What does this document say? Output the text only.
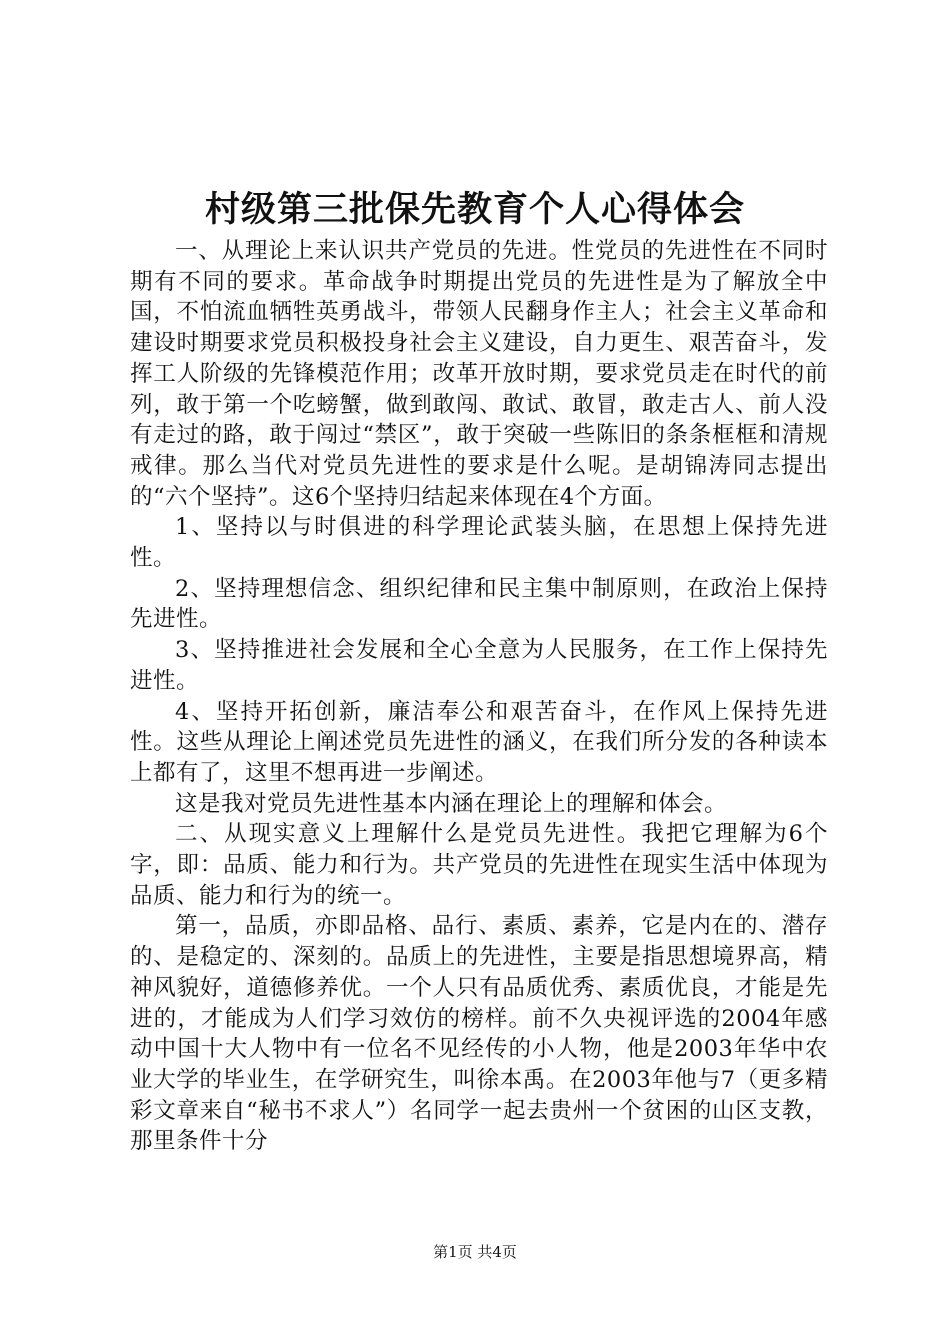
村级第三批保先教育个人心得体会

一、从理论上来认识共产党员的先进。性党员的先进性在不同时期有不同的要求。革命战争时期提出党员的先进性是为了解放全中国，不怕流血牺牲英勇战斗，带领人民翻身作主人；社会主义革命和建设时期要求党员积极投身社会主义建设，自力更生、艰苦奋斗，发挥工人阶级的先锋模范作用；改革开放时期，要求党员走在时代的前列，敢于第一个吃螃蟹，做到敢闯、敢试、敢冒，敢走古人、前人没有走过的路，敢于闯过“禁区”，敢于突破一些陈旧的条条框框和清规戒律。那么当代对党员先进性的要求是什么呢。是胡锦涛同志提出的“六个坚持”。这6个坚持归结起来体现在4个方面。

1、坚持以与时俱进的科学理论武装头脑，在思想上保持先进性。

2、坚持理想信念、组织纪律和民主集中制原则，在政治上保持先进性。

3、坚持推进社会发展和全心全意为人民服务，在工作上保持先进性。

4、坚持开拓创新，廉洁奉公和艰苦奋斗，在作风上保持先进性。这些从理论上阐述党员先进性的涵义，在我们所分发的各种读本上都有了，这里不想再进一步阐述。

这是我对党员先进性基本内涵在理论上的理解和体会。

二、从现实意义上理解什么是党员先进性。我把它理解为6个字，即：品质、能力和行为。共产党员的先进性在现实生活中体现为品质、能力和行为的统一。

第一，品质，亦即品格、品行、素质、素养，它是内在的、潜存的、是稳定的、深刻的。品质上的先进性，主要是指思想境界高，精神风貌好，道德修养优。一个人只有品质优秀、素质优良，才能是先进的，才能成为人们学习效仿的榜样。前不久央视评选的2004年感动中国十大人物中有一位名不见经传的小人物，他是2003年华中农业大学的毕业生，在学研究生，叫徐本禹。在2003年他与7（更多精彩文章来自“秘书不求人”）名同学一起去贵州一个贫困的山区支教，那里条件十分

第1页 共4页
